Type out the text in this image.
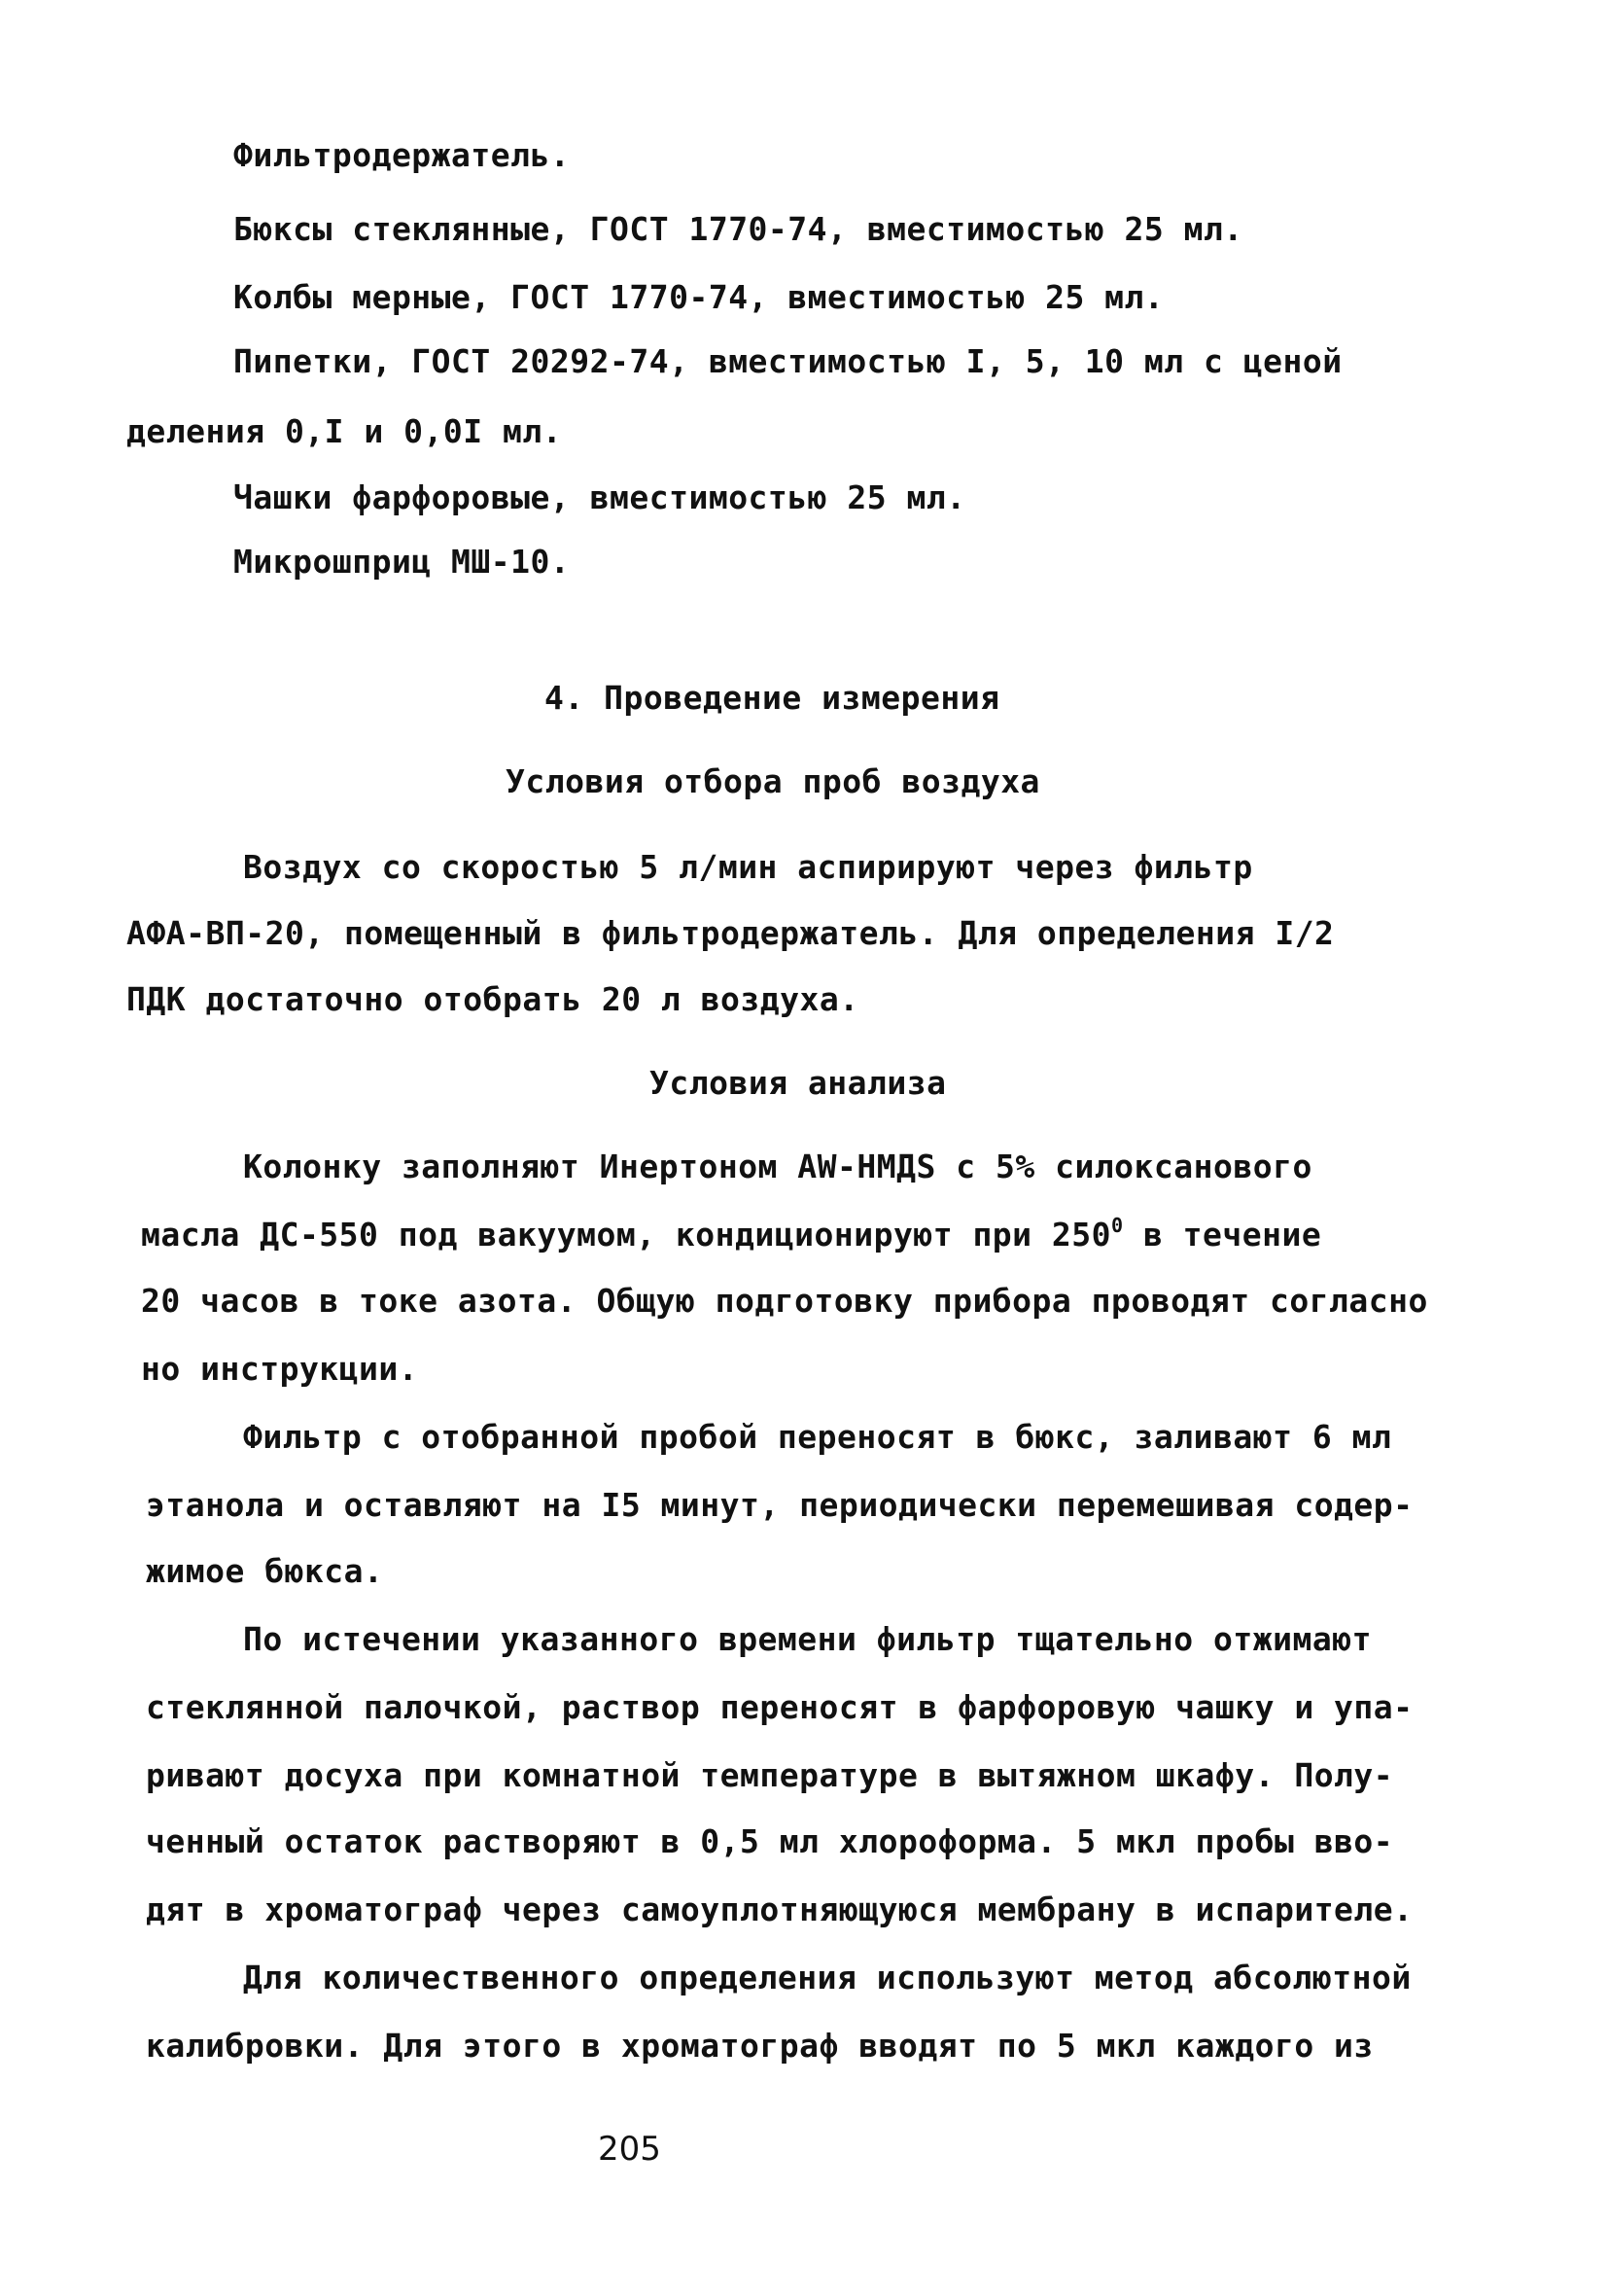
Фильтродержатель.
Бюксы стеклянные, ГОСТ 1770-74, вместимостью 25 мл.
Колбы мерные, ГОСТ 1770-74, вместимостью 25 мл.
Пипетки, ГОСТ 20292-74, вместимостью I, 5, 10 мл с ценой
деления 0,I и 0,0I мл.
Чашки фарфоровые, вместимостью 25 мл.
Микрошприц МШ-10.
4. Проведение измерения
Условия отбора проб воздуха
Воздух со скоростью 5 л/мин аспирируют через фильтр
АФА-ВП-20, помещенный в фильтродержатель. Для определения I/2
ПДК достаточно отобрать 20 л воздуха.
Условия анализа
Колонку заполняют Инертоном AW-HMДS с 5% силоксанового
масла ДС-550 под вакуумом, кондиционируют при $250^0$ в течение
20 часов в токе азота. Общую подготовку прибора проводят согласно
но инструкции.
Фильтр с отобранной пробой переносят в бюкс, заливают 6 мл
этанола и оставляют на I5 минут, периодически перемешивая содер-
жимое бюкса.
По истечении указанного времени фильтр тщательно отжимают
стеклянной палочкой, раствор переносят в фарфоровую чашку и упа-
ривают досуха при комнатной температуре в вытяжном шкафу. Полу-
ченный остаток растворяют в 0,5 мл хлороформа. 5 мкл пробы вво-
дят в хроматограф через самоуплотняющуюся мембрану в испарителе.
Для количественного определения используют метод абсолютной
калибровки. Для этого в хроматограф вводят по 5 мкл каждого из
205
